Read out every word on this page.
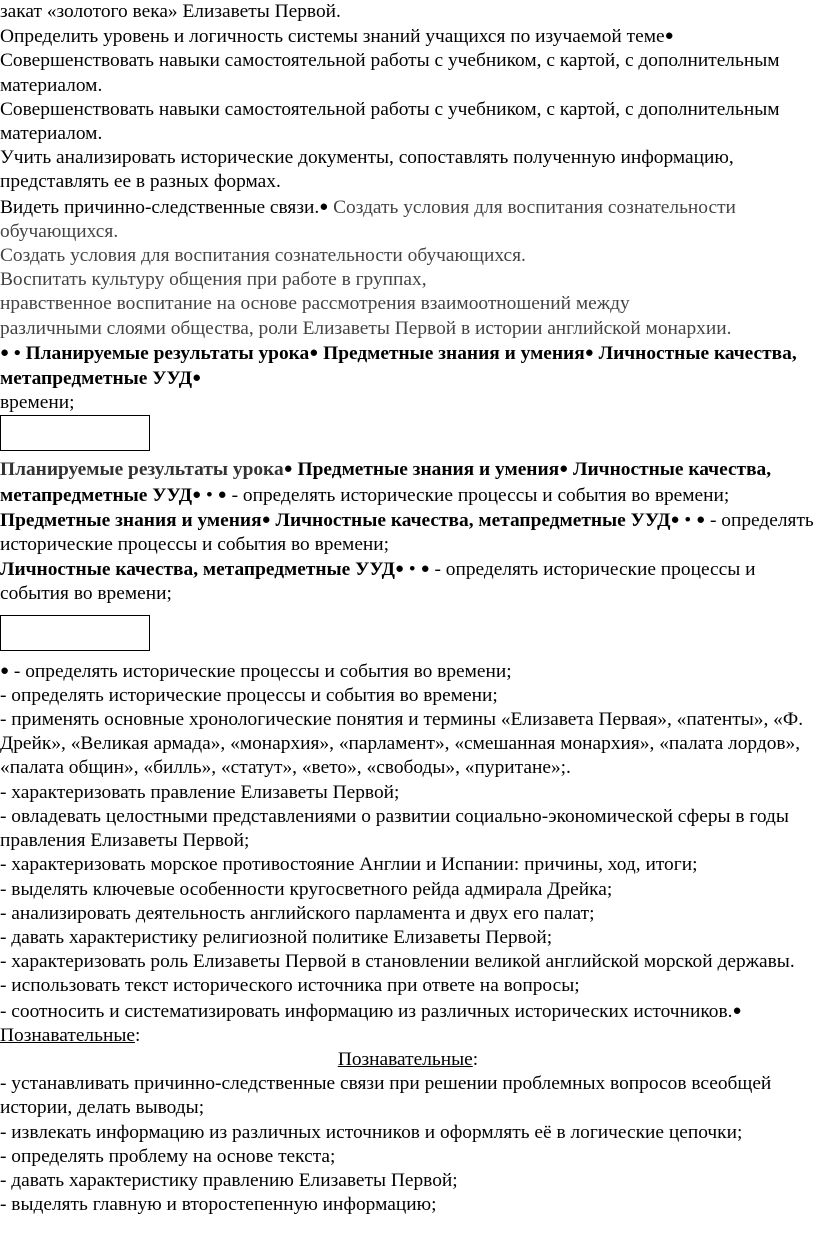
закат «золотого века» Елизаветы Первой.

Определить уровень и логичность системы знаний учащихся по изучаемой теме● Совершенствовать навыки самостоятельной работы с учебником, с картой, с дополнительным материалом.

Совершенствовать навыки самостоятельной работы с учебником, с картой, с дополнительным материалом.

Учить анализировать исторические документы, сопоставлять полученную информацию, представлять ее в разных формах.

Видеть причинно-следственные связи.● Создать условия для воспитания сознательности обучающихся.

Создать условия для воспитания сознательности обучающихся.

Воспитать культуру общения при работе в группах,

нравственное воспитание на основе рассмотрения взаимоотношений между

различными слоями общества, роли Елизаветы Первой в истории английской монархии.

● • Планируемые результаты урока● Предметные знания и умения● Личностные качества, метапредметные УУД●

времени;

Планируемые результаты урока● Предметные знания и умения● Личностные качества, метапредметные УУД● • ● - определять исторические процессы и события во времени;

Предметные знания и умения● Личностные качества, метапредметные УУД● • ● - определять исторические процессы и события во времени;

Личностные качества, метапредметные УУД● • ● - определять исторические процессы и события во времени;

● - определять исторические процессы и события во времени;

- определять исторические процессы и события во времени;

- применять основные хронологические понятия и термины «Елизавета Первая», «патенты», «Ф. Дрейк», «Великая армада», «монархия», «парламент», «смешанная монархия», «палата лордов», «палата общин», «билль», «статут», «вето», «свободы», «пуритане»;.

- характеризовать правление Елизаветы Первой;

- овладевать целостными представлениями о развитии социально-экономической сферы в годы правления Елизаветы Первой;

- характеризовать морское противостояние Англии и Испании: причины, ход, итоги;

- выделять ключевые особенности кругосветного рейда адмирала Дрейка;

- анализировать деятельность английского парламента и двух его палат;

- давать характеристику религиозной политике Елизаветы Первой;

- характеризовать роль Елизаветы Первой в становлении великой английской морской державы.

- использовать текст исторического источника при ответе на вопросы;

- соотносить и систематизировать информацию из различных исторических источников.● Познавательные:

Познавательные:

- устанавливать причинно-следственные связи при решении проблемных вопросов всеобщей истории, делать выводы;

- извлекать информацию из различных источников и оформлять её в логические цепочки;

- определять проблему на основе текста;

- давать характеристику правлению Елизаветы Первой;

- выделять главную и второстепенную информацию;
